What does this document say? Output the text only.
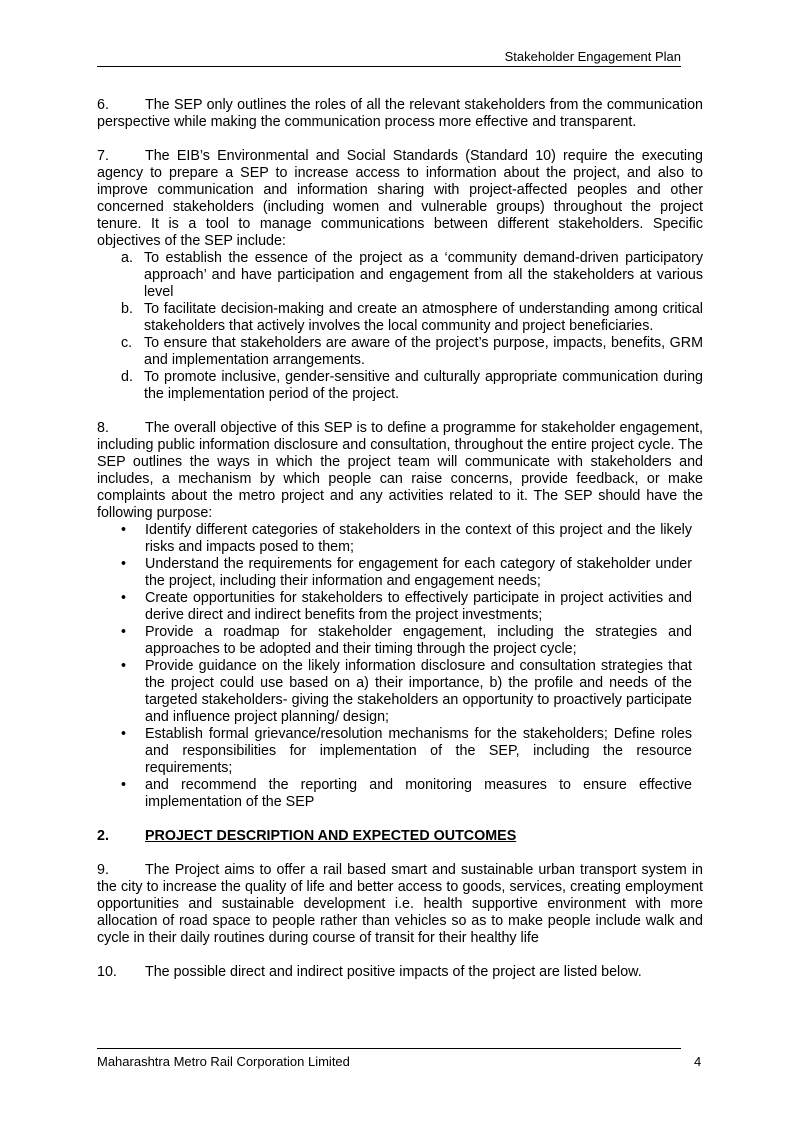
Stakeholder Engagement Plan

6.	The SEP only outlines the roles of all the relevant stakeholders from the communication perspective while making the communication process more effective and transparent.

7.	The EIB’s Environmental and Social Standards (Standard 10) require the executing agency to prepare a SEP to increase access to information about the project, and also to improve communication and information sharing with project-affected peoples and other concerned stakeholders (including women and vulnerable groups) throughout the project tenure. It is a tool to manage communications between different stakeholders. Specific objectives of the SEP include:

a. To establish the essence of the project as a ‘community demand-driven participatory approach’ and have participation and engagement from all the stakeholders at various level
b. To facilitate decision-making and create an atmosphere of understanding among critical stakeholders that actively involves the local community and project beneficiaries.
c. To ensure that stakeholders are aware of the project’s purpose, impacts, benefits, GRM and implementation arrangements.
d. To promote inclusive, gender-sensitive and culturally appropriate communication during the implementation period of the project.

8.	The overall objective of this SEP is to define a programme for stakeholder engagement, including public information disclosure and consultation, throughout the entire project cycle. The SEP outlines the ways in which the project team will communicate with stakeholders and includes, a mechanism by which people can raise concerns, provide feedback, or make complaints about the metro project and any activities related to it. The SEP should have the following purpose:

• Identify different categories of stakeholders in the context of this project and the likely risks and impacts posed to them;
• Understand the requirements for engagement for each category of stakeholder under the project, including their information and engagement needs;
• Create opportunities for stakeholders to effectively participate in project activities and derive direct and indirect benefits from the project investments;
• Provide a roadmap for stakeholder engagement, including the strategies and approaches to be adopted and their timing through the project cycle;
• Provide guidance on the likely information disclosure and consultation strategies that the project could use based on a) their importance, b) the profile and needs of the targeted stakeholders- giving the stakeholders an opportunity to proactively participate and influence project planning/ design;
• Establish formal grievance/resolution mechanisms for the stakeholders; Define roles and responsibilities for implementation of the SEP, including the resource requirements;
• and recommend the reporting and monitoring measures to ensure effective implementation of the SEP
2.	PROJECT DESCRIPTION AND EXPECTED OUTCOMES

9.	The Project aims to offer a rail based smart and sustainable urban transport system in the city to increase the quality of life and better access to goods, services, creating employment opportunities and sustainable development i.e. health supportive environment with more allocation of road space to people rather than vehicles so as to make people include walk and cycle in their daily routines during course of transit for their healthy life

10. The possible direct and indirect positive impacts of the project are listed below.

Maharashtra Metro Rail Corporation Limited	4
